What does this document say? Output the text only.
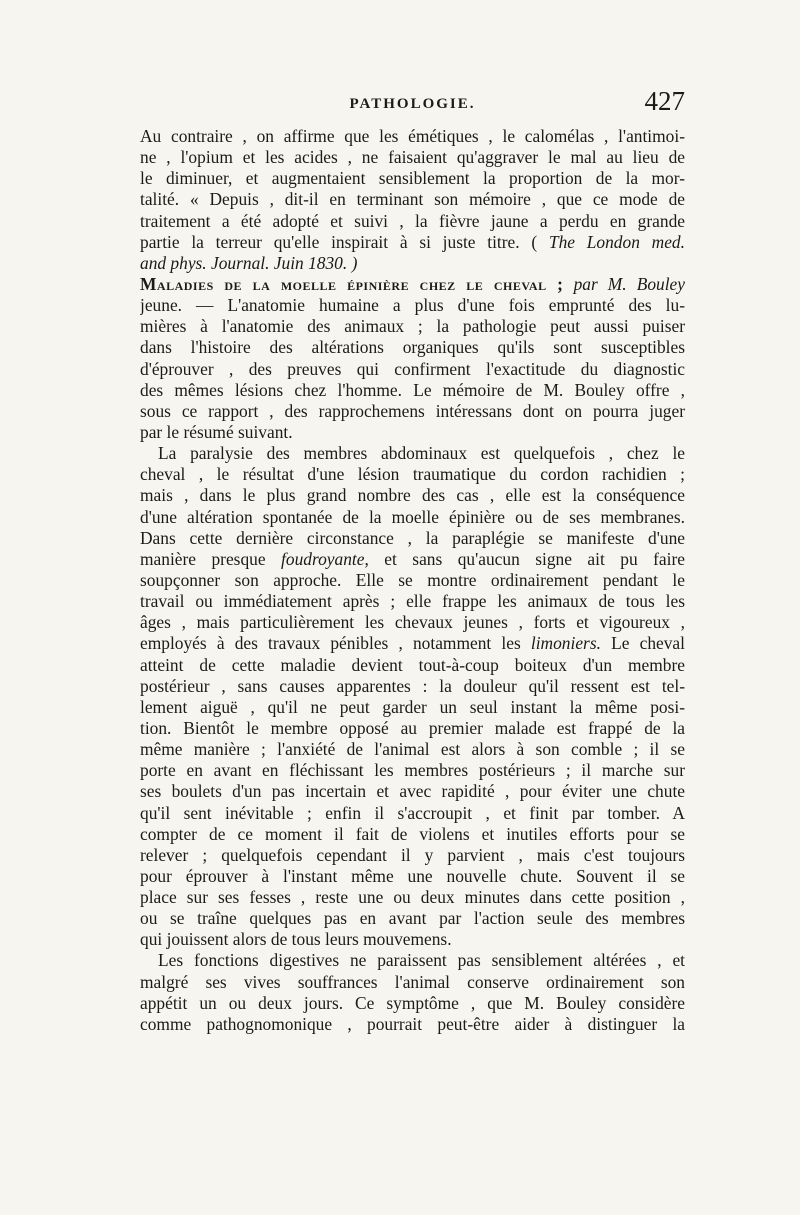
PATHOLOGIE.	427
Au contraire , on affirme que les émétiques , le calomélas , l'antimoi-
ne , l'opium et les acides , ne faisaient qu'aggraver le mal au lieu de
le diminuer, et augmentaient sensiblement la proportion de la mor-
talité. « Depuis , dit-il en terminant son mémoire , que ce mode de
traitement a été adopté et suivi , la fièvre jaune a perdu en grande
partie la terreur qu'elle inspirait à si juste titre. ( The London med.
and phys. Journal. Juin 1830. )
Maladies de la moelle épinière chez le cheval ; par M. Bouley
jeune. — L'anatomie humaine a plus d'une fois emprunté des lu-
mières à l'anatomie des animaux ; la pathologie peut aussi puiser
dans l'histoire des altérations organiques qu'ils sont susceptibles
d'éprouver , des preuves qui confirment l'exactitude du diagnostic
des mêmes lésions chez l'homme. Le mémoire de M. Bouley offre ,
sous ce rapport , des rapprochemens intéressans dont on pourra juger
par le résumé suivant.
La paralysie des membres abdominaux est quelquefois , chez le
cheval , le résultat d'une lésion traumatique du cordon rachidien ;
mais , dans le plus grand nombre des cas , elle est la conséquence
d'une altération spontanée de la moelle épinière ou de ses membranes.
Dans cette dernière circonstance , la paraplégie se manifeste d'une
manière presque foudroyante, et sans qu'aucun signe ait pu faire
soupçonner son approche. Elle se montre ordinairement pendant le
travail ou immédiatement après ; elle frappe les animaux de tous les
âges , mais particulièrement les chevaux jeunes , forts et vigoureux ,
employés à des travaux pénibles , notamment les limoniers. Le cheval
atteint de cette maladie devient tout-à-coup boiteux d'un membre
postérieur , sans causes apparentes : la douleur qu'il ressent est tel-
lement aiguë , qu'il ne peut garder un seul instant la même posi-
tion. Bientôt le membre opposé au premier malade est frappé de la
même manière ; l'anxiété de l'animal est alors à son comble ; il se
porte en avant en fléchissant les membres postérieurs ; il marche sur
ses boulets d'un pas incertain et avec rapidité , pour éviter une chute
qu'il sent inévitable ; enfin il s'accroupit , et finit par tomber. A
compter de ce moment il fait de violens et inutiles efforts pour se
relever ; quelquefois cependant il y parvient , mais c'est toujours
pour éprouver à l'instant même une nouvelle chute. Souvent il se
place sur ses fesses , reste une ou deux minutes dans cette position ,
ou se traîne quelques pas en avant par l'action seule des membres
qui jouissent alors de tous leurs mouvemens.
Les fonctions digestives ne paraissent pas sensiblement altérées , et
malgré ses vives souffrances l'animal conserve ordinairement son
appétit un ou deux jours. Ce symptôme , que M. Bouley considère
comme pathognomonique , pourrait peut-être aider à distinguer la
